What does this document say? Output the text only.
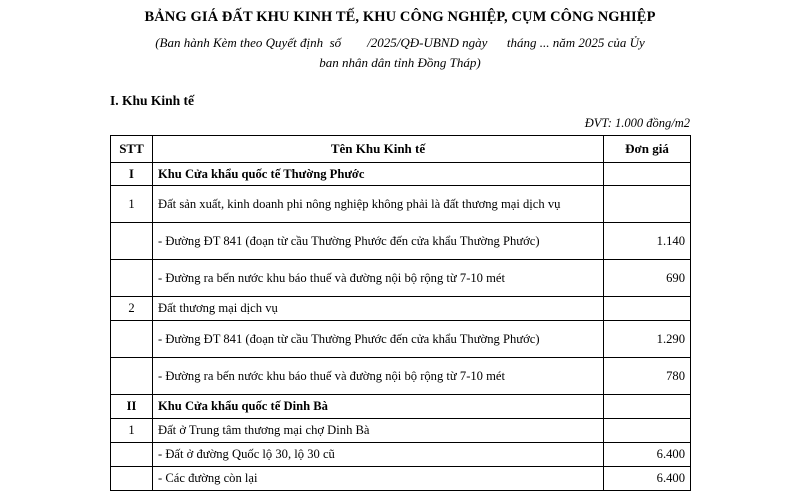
BẢNG GIÁ ĐẤT KHU KINH TẾ, KHU CÔNG NGHIỆP, CỤM CÔNG NGHIỆP
(Ban hành Kèm theo Quyết định  số        /2025/QĐ-UBND ngày      tháng ... năm 2025 của Ủy
ban nhân dân tỉnh Đồng Tháp)
I. Khu Kinh tế
ĐVT: 1.000 đồng/m2
STT	Tên Khu Kinh tế	Đơn giá
I	Khu Cửa khẩu quốc tế Thường Phước	
1	Đất sản xuất, kinh doanh phi nông nghiệp không phải là đất thương mại dịch vụ	
	- Đường ĐT 841 (đoạn từ cầu Thường Phước đến cửa khẩu Thường Phước)	1.140
	- Đường ra bến nước khu báo thuế và đường nội bộ rộng từ 7-10 mét	690
2	Đất thương mại dịch vụ	
	- Đường ĐT 841 (đoạn từ cầu Thường Phước đến cửa khẩu Thường Phước)	1.290
	- Đường ra bến nước khu báo thuế và đường nội bộ rộng từ 7-10 mét	780
II	Khu Cửa khẩu quốc tế Dinh Bà	
1	Đất ở Trung tâm thương mại chợ Dinh Bà	
	- Đất ở đường Quốc lộ 30, lộ 30 cũ	6.400
	- Các đường còn lại	6.400
